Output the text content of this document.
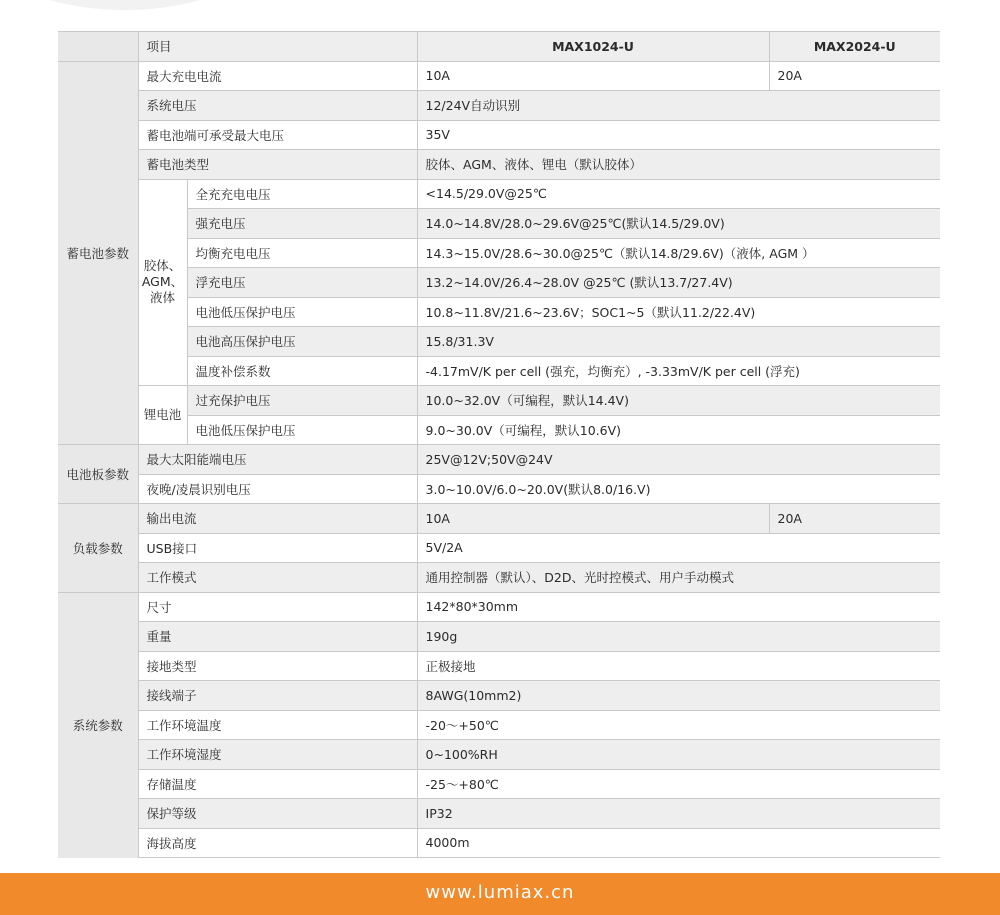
	项目		MAX1024-U	MAX2024-U
蓄电池参数	最大充电电流		10A	20A
	系统电压		12/24V自动识别	
	蓄电池端可承受最大电压		35V	
	蓄电池类型		胶体、AGM、液体、锂电（默认胶体）	
	胶体、AGM、液体	全充充电电压	<14.5/29.0V@25℃	
		强充电压	14.0~14.8V/28.0~29.6V@25℃(默认14.5/29.0V)	
		均衡充电电压	14.3~15.0V/28.6~30.0@25℃（默认14.8/29.6V)（液体, AGM ）	
		浮充电压	13.2~14.0V/26.4~28.0V @25℃ (默认13.7/27.4V)	
		电池低压保护电压	10.8~11.8V/21.6~23.6V；SOC1~5（默认11.2/22.4V)	
		电池高压保护电压	15.8/31.3V	
		温度补偿系数	-4.17mV/K per cell (强充，均衡充）, -3.33mV/K per cell (浮充)	
	锂电池	过充保护电压	10.0~32.0V（可编程，默认14.4V)	
		电池低压保护电压	9.0~30.0V（可编程，默认10.6V)	
电池板参数	最大太阳能端电压		25V@12V;50V@24V	
	夜晚/凌晨识别电压		3.0~10.0V/6.0~20.0V(默认8.0/16.V)	
负载参数	输出电流		10A	20A
	USB接口		5V/2A	
	工作模式		通用控制器（默认）、D2D、光时控模式、用户手动模式	
系统参数	尺寸		142*80*30mm	
	重量		190g	
	接地类型		正极接地	
	接线端子		8AWG(10mm2)	
	工作环境温度		-20～+50℃	
	工作环境湿度		0~100%RH	
	存储温度		-25～+80℃	
	保护等级		IP32	
	海拔高度		4000m	
www.lumiax.cn
